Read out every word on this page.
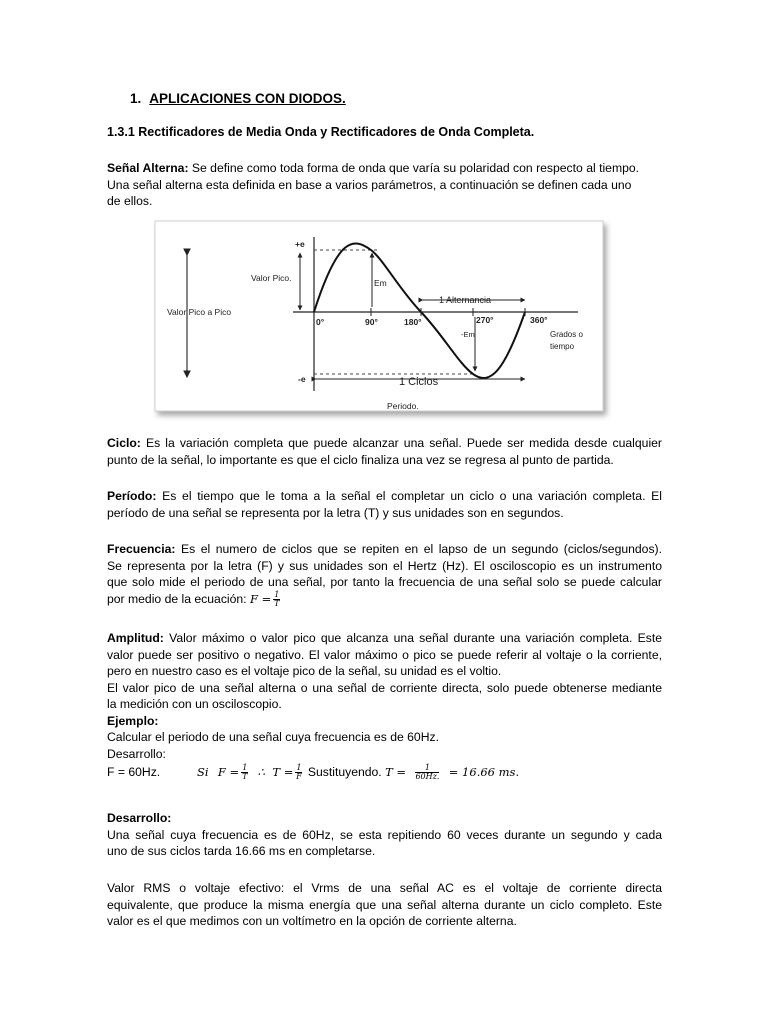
1. APLICACIONES CON DIODOS.
1.3.1 Rectificadores de Media Onda y Rectificadores de Onda Completa.
Señal Alterna: Se define como toda forma de onda que varía su polaridad con respecto al tiempo.
Una señal alterna esta definida en base a varios parámetros, a continuación se definen cada uno
de ellos.
+e
-e
Valor Pico.
Valor Pico a Pico
Em
-Em
0°	90°	180°	270°	360°
1 Alternancia
Grados o
tiempo
1 Ciclos
Periodo.
Ciclo: Es la variación completa que puede alcanzar una señal. Puede ser medida desde cualquier
punto de la señal, lo importante es que el ciclo finaliza una vez se regresa al punto de partida.
Período: Es el tiempo que le toma a la señal el completar un ciclo o una variación completa. El
período de una señal se representa por la letra (T) y sus unidades son en segundos.
Frecuencia: Es el numero de ciclos que se repiten en el lapso de un segundo (ciclos/segundos).
Se representa por la letra (F) y sus unidades son el Hertz (Hz). El osciloscopio es un instrumento
que solo mide el periodo de una señal, por tanto la frecuencia de una señal solo se puede calcular
por medio de la ecuación: $F = \frac{1}{T}$
Amplitud: Valor máximo o valor pico que alcanza una señal durante una variación completa. Este
valor puede ser positivo o negativo. El valor máximo o pico se puede referir al voltaje o la corriente,
pero en nuestro caso es el voltaje pico de la señal, su unidad es el voltio.
El valor pico de una señal alterna o una señal de corriente directa, solo puede obtenerse mediante
la medición con un osciloscopio.
Ejemplo:
Calcular el periodo de una señal cuya frecuencia es de 60Hz.
Desarrollo:
F = 60Hz.	Si $F = \frac{1}{T}$ ∴ $T = \frac{1}{F}$ Sustituyendo. $T = \frac{1}{60Hz.} = 16.66$ ms.
Desarrollo:
Una señal cuya frecuencia es de 60Hz, se esta repitiendo 60 veces durante un segundo y cada
uno de sus ciclos tarda 16.66 ms en completarse.
Valor RMS o voltaje efectivo: el Vrms de una señal AC es el voltaje de corriente directa
equivalente, que produce la misma energía que una señal alterna durante un ciclo completo. Este
valor es el que medimos con un voltímetro en la opción de corriente alterna.
